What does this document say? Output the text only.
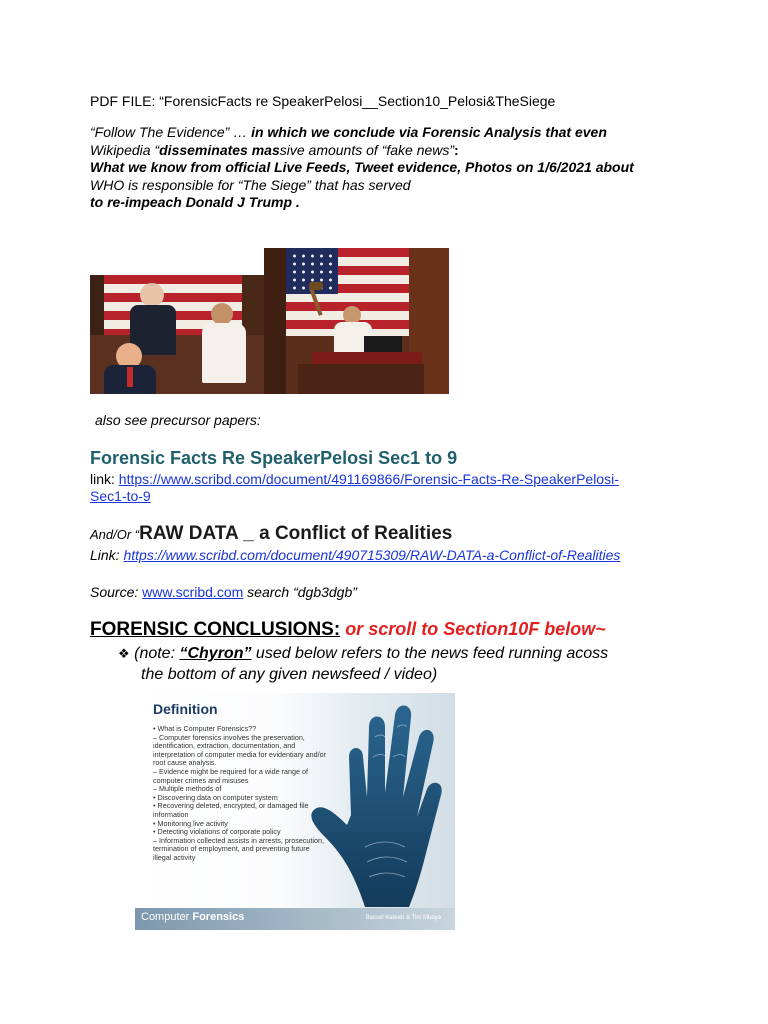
PDF FILE: “ForensicFacts re SpeakerPelosi__Section10_Pelosi&TheSiege
“Follow The Evidence” … in which we conclude via Forensic Analysis that even
Wikipedia “disseminates massive amounts of “fake news”:
What we know from official Live Feeds, Tweet evidence, Photos on 1/6/2021 about
WHO is responsible for “The Siege” that has served
to re-impeach Donald J Trump .
also see precursor papers:
Forensic Facts Re SpeakerPelosi Sec1 to 9
link: https://www.scribd.com/document/491169866/Forensic-Facts-Re-SpeakerPelosi-
Sec1-to-9
And/Or “RAW DATA _ a Conflict of Realities
Link: https://www.scribd.com/document/490715309/RAW-DATA-a-Conflict-of-Realities
Source: www.scribd.com search “dgb3dgb”
FORENSIC CONCLUSIONS: or scroll to Section10F below~
❖ (note: “Chyron” used below refers to the news feed running acoss
the bottom of any given newsfeed / video)
Definition
• What is Computer Forensics??
– Computer forensics involves the preservation,
identification, extraction, documentation, and
interpretation of computer media for evidentiary and/or
root cause analysis.
– Evidence might be required for a wide range of
computer crimes and misuses
– Multiple methods of
• Discovering data on computer system
• Recovering deleted, encrypted, or damaged file
information
• Monitoring live activity
• Detecting violations of corporate policy
– Information collected assists in arrests, prosecution,
termination of employment, and preventing future
illegal activity
Computer Forensics	Bassel Kateeb & Tim Mboya
